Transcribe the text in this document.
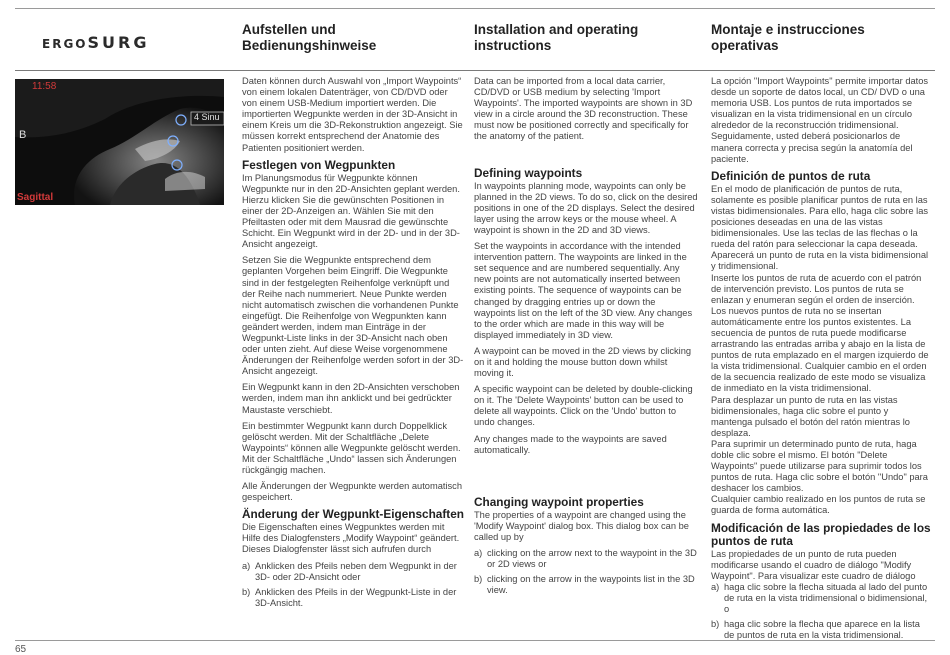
ERGOSURG
Aufstellen und Bedienungshinweise
Installation and operating instructions
Montaje e instrucciones operativas
11:58
B
Sagittal
4 Sinu

Daten können durch Auswahl von „Import Waypoints“ von einem lokalen Datenträger, von CD/DVD oder von einem USB-Medium importiert werden. Die importierten Wegpunkte werden in der 3D-Ansicht in einem Kreis um die 3D-Rekonstruktion angezeigt. Sie müssen korrekt entsprechend der Anatomie des Patienten positioniert werden.

Festlegen von Wegpunkten

Im Planungsmodus für Wegpunkte können Wegpunkte nur in den 2D-Ansichten geplant werden. Hierzu klicken Sie die gewünschten Positionen in einer der 2D-Anzeigen an. Wählen Sie mit den Pfeiltasten oder mit dem Mausrad die gewünschte Schicht. Ein Wegpunkt wird in der 2D- und in der 3D-Ansicht angezeigt.

Setzen Sie die Wegpunkte entsprechend dem geplanten Vorgehen beim Eingriff. Die Wegpunkte sind in der festgelegten Reihenfolge verknüpft und der Reihe nach nummeriert. Neue Punkte werden nicht automatisch zwischen die vorhandenen Punkte eingefügt. Die Reihenfolge von Wegpunkten kann geändert werden, indem man Einträge in der Wegpunkt-Liste links in der 3D-Ansicht nach oben oder unten zieht. Auf diese Weise vorgenommene Änderungen der Reihenfolge werden sofort in der 3D-Ansicht angezeigt.

Ein Wegpunkt kann in den 2D-Ansichten verschoben werden, indem man ihn anklickt und bei gedrückter Maustaste verschiebt.

Ein bestimmter Wegpunkt kann durch Doppelklick gelöscht werden. Mit der Schaltfläche „Delete Waypoints“ können alle Wegpunkte gelöscht werden. Mit der Schaltfläche „Undo“ lassen sich Änderungen rückgängig machen.

Alle Änderungen der Wegpunkte werden automatisch gespeichert.

Änderung der Wegpunkt-Eigenschaften

Die Eigenschaften eines Wegpunktes werden mit Hilfe des Dialogfensters „Modify Waypoint“ geändert. Dieses Dialogfenster lässt sich aufrufen durch

a) Anklicken des Pfeils neben dem Wegpunkt in der 3D- oder 2D-Ansicht oder
b) Anklicken des Pfeils in der Wegpunkt-Liste in der 3D-Ansicht.

Data can be imported from a local data carrier, CD/DVD or USB medium by selecting 'Import Waypoints'. The imported waypoints are shown in 3D view in a circle around the 3D reconstruction. These must now be positioned correctly and specifically for the anatomy of the patient.

Defining waypoints

In waypoints planning mode, waypoints can only be planned in the 2D views. To do so, click on the desired positions in one of the 2D displays. Select the desired layer using the arrow keys or the mouse wheel. A waypoint is shown in the 2D and 3D views.

Set the waypoints in accordance with the intended intervention pattern. The waypoints are linked in the set sequence and are numbered sequentially. Any new points are not automatically inserted between existing points. The sequence of waypoints can be changed by dragging entries up or down the waypoints list on the left of the 3D view. Any changes to the order which are made in this way will be displayed immediately in 3D view.

A waypoint can be moved in the 2D views by clicking on it and holding the mouse button down whilst moving it.

A specific waypoint can be deleted by double-clicking on it. The 'Delete Waypoints' button can be used to delete all waypoints. Click on the 'Undo' button to undo changes.

Any changes made to the waypoints are saved automatically.

Changing waypoint properties

The properties of a waypoint are changed using the 'Modify Waypoint' dialog box. This dialog box can be called up by

a) clicking on the arrow next to the waypoint in the 3D or 2D views or
b) clicking on the arrow in the waypoints list in the 3D view.

La opción "Import Waypoints" permite importar datos desde un soporte de datos local, un CD/ DVD o una memoria USB. Los puntos de ruta importados se visualizan en la vista tridimensional en un círculo alrededor de la reconstrucción tridimensional. Seguidamente, usted deberá posicionarlos de manera correcta y precisa según la anatomía del paciente.

Definición de puntos de ruta

En el modo de planificación de puntos de ruta, solamente es posible planificar puntos de ruta en las vistas bidimensionales. Para ello, haga clic sobre las posiciones deseadas en una de las vistas bidimensionales. Use las teclas de las flechas o la rueda del ratón para seleccionar la capa deseada. Aparecerá un punto de ruta en la vista bidimensional y tridimensional.

Inserte los puntos de ruta de acuerdo con el patrón de intervención previsto. Los puntos de ruta se enlazan y enumeran según el orden de inserción. Los nuevos puntos de ruta no se insertan automáticamente entre los puntos existentes. La secuencia de puntos de ruta puede modificarse arrastrando las entradas arriba y abajo en la lista de puntos de ruta emplazado en el margen izquierdo de la vista tridimensional. Cualquier cambio en el orden de la secuencia realizado de este modo se visualiza de inmediato en la vista tridimensional.

Para desplazar un punto de ruta en las vistas bidimensionales, haga clic sobre el punto y mantenga pulsado el botón del ratón mientras lo desplaza.

Para suprimir un determinado punto de ruta, haga doble clic sobre el mismo. El botón "Delete Waypoints" puede utilizarse para suprimir todos los puntos de ruta. Haga clic sobre el botón "Undo" para deshacer los cambios.

Cualquier cambio realizado en los puntos de ruta se guarda de forma automática.

Modificación de las propiedades de los puntos de ruta

Las propiedades de un punto de ruta pueden modificarse usando el cuadro de diálogo "Modify Waypoint". Para visualizar este cuadro de diálogo

a) haga clic sobre la flecha situada al lado del punto de ruta en la vista tridimensional o bidimensional, o
b) haga clic sobre la flecha que aparece en la lista de puntos de ruta en la vista tridimensional.
65
